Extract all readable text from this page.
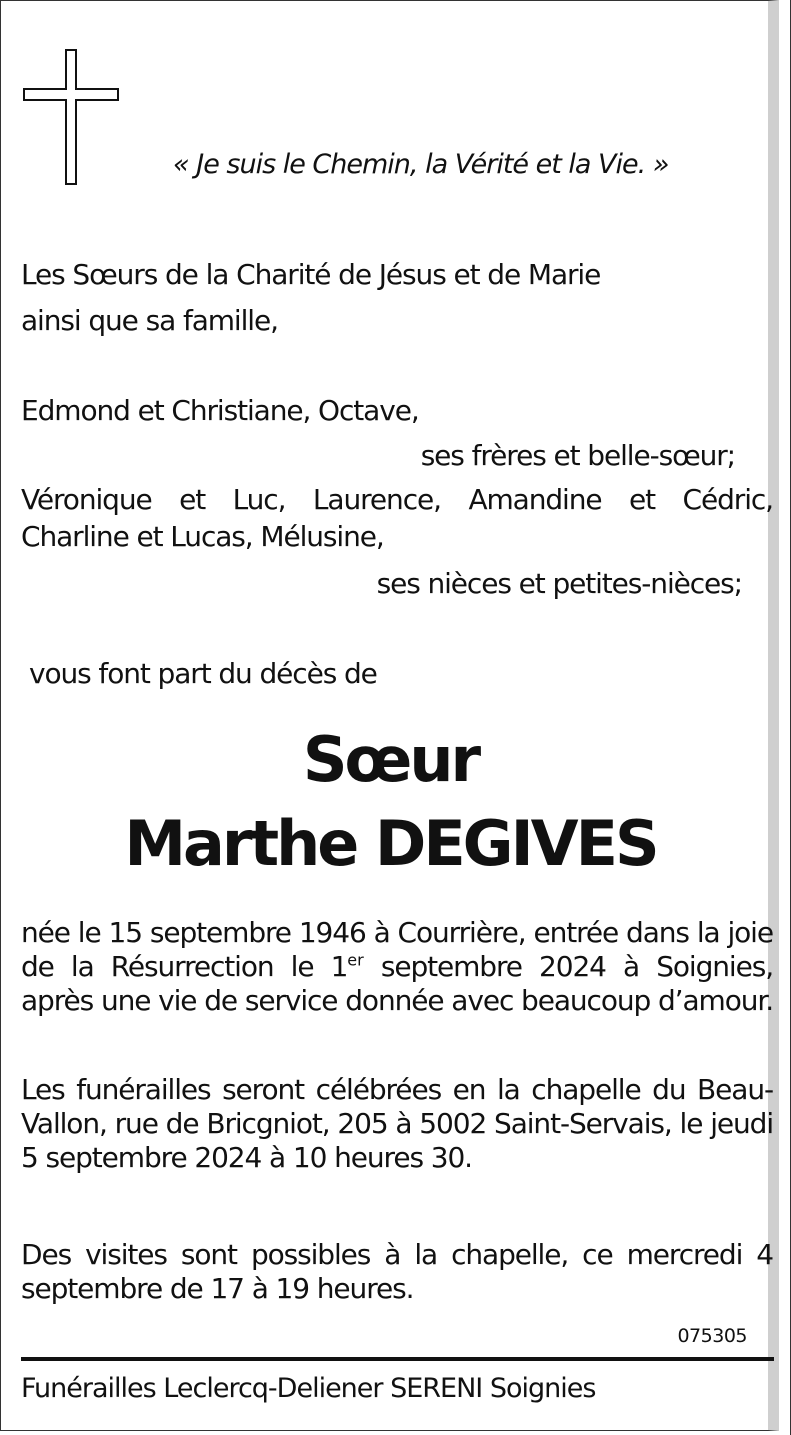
« Je suis le Chemin, la Vérité et la Vie. »
Les Sœurs de la Charité de Jésus et de Marie
ainsi que sa famille,
Edmond et Christiane, Octave,
ses frères et belle-sœur;

Véronique et Luc, Laurence, Amandine et Cédric,

Charline et Lucas, Mélusine,
ses nièces et petites-nièces;
vous font part du décès de
Sœur
Marthe DEGIVES

née le 15 septembre 1946 à Courrière, entrée dans la joie de la Résurrection le 1er septembre 2024 à Soignies, après une vie de service donnée avec beaucoup d’amour.

Les funérailles seront célébrées en la chapelle du Beau-Vallon, rue de Bricgniot, 205 à 5002 Saint-Servais, le jeudi 5 septembre 2024 à 10 heures 30.

Des visites sont possibles à la chapelle, ce mercredi 4 septembre de 17 à 19 heures.

075305
Funérailles Leclercq-Deliener SERENI Soignies
